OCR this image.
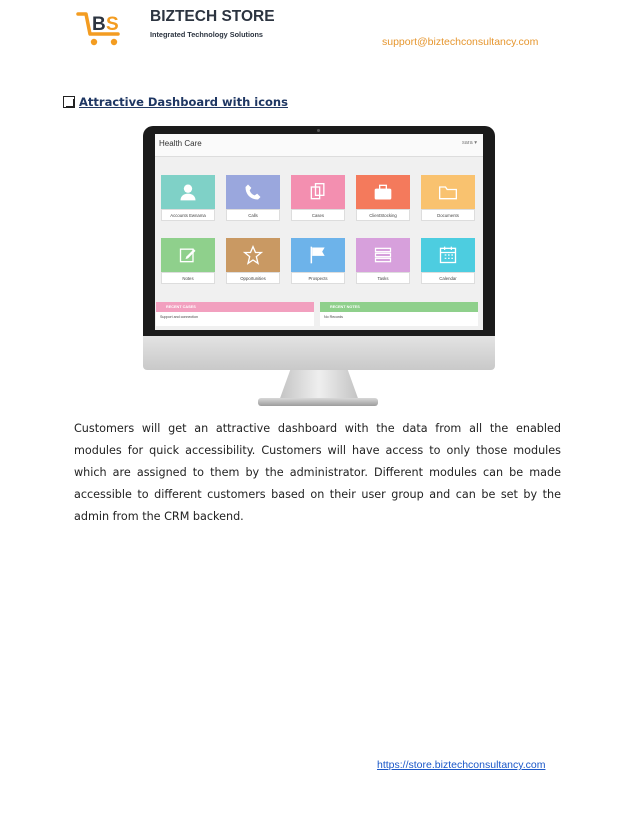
B S BIZTECH STORE
Integrated Technology Solutions
support@biztechconsultancy.com
Attractive Dashboard with icons
Health Care	sara ▾
Accounts Ewnama	Calls	Cases	ClientStocking	Documents
Notes	Opportunities	Prospects	Tasks	Calendar
RECENT CASES
Support and connection
RECENT NOTES
No Records
Customers will get an attractive dashboard with the data from all the enabled modules for quick accessibility. Customers will have access to only those modules which are assigned to them by the administrator. Different modules can be made accessible to different customers based on their user group and can be set by the admin from the CRM backend.
https://store.biztechconsultancy.com
